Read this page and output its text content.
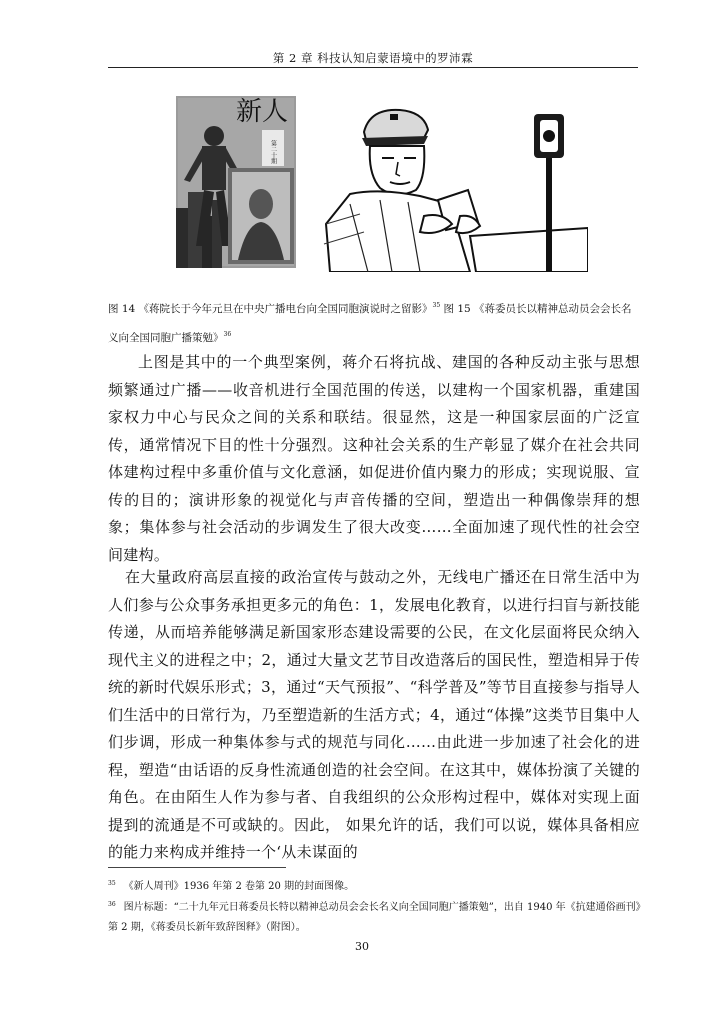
第 2 章 科技认知启蒙语境中的罗沛霖
新人
第二十期
图 14 《蒋院长于今年元旦在中央广播电台向全国同胞演说时之留影》$^{35}$ 图 15 《蒋委员长以精神总动员会会长名
义向全国同胞广播策勉》$^{36}$

上图是其中的一个典型案例，蒋介石将抗战、建国的各种反动主张与思想频繁通过广播——收音机进行全国范围的传送，以建构一个国家机器，重建国家权力中心与民众之间的关系和联结。很显然，这是一种国家层面的广泛宣传，通常情况下目的性十分强烈。这种社会关系的生产彰显了媒介在社会共同体建构过程中多重价值与文化意涵，如促进价值内聚力的形成；实现说服、宣传的目的；演讲形象的视觉化与声音传播的空间，塑造出一种偶像崇拜的想象；集体参与社会活动的步调发生了很大改变……全面加速了现代性的社会空间建构。

在大量政府高层直接的政治宣传与鼓动之外，无线电广播还在日常生活中为人们参与公众事务承担更多元的角色：1，发展电化教育，以进行扫盲与新技能传递，从而培养能够满足新国家形态建设需要的公民，在文化层面将民众纳入现代主义的进程之中；2，通过大量文艺节目改造落后的国民性，塑造相异于传统的新时代娱乐形式；3，通过“天气预报”、“科学普及”等节目直接参与指导人们生活中的日常行为，乃至塑造新的生活方式；4，通过“体操”这类节目集中人们步调，形成一种集体参与式的规范与同化……由此进一步加速了社会化的进程，塑造“由话语的反身性流通创造的社会空间。在这其中，媒体扮演了关键的角色。在由陌生人作为参与者、自我组织的公众形构过程中，媒体对实现上面提到的流通是不可或缺的。因此， 如果允许的话，我们可以说，媒体具备相应的能力来构成并维持一个‘从未谋面的

$^{35}$ 《新人周刊》1936 年第 2 卷第 20 期的封面图像。
$^{36}$ 图片标题：“二十九年元日蒋委员长特以精神总动员会会长名义向全国同胞广播策勉”，出自 1940 年《抗建通俗画刊》第 2 期，《蒋委员长新年致辞图释》（附图）。
30
